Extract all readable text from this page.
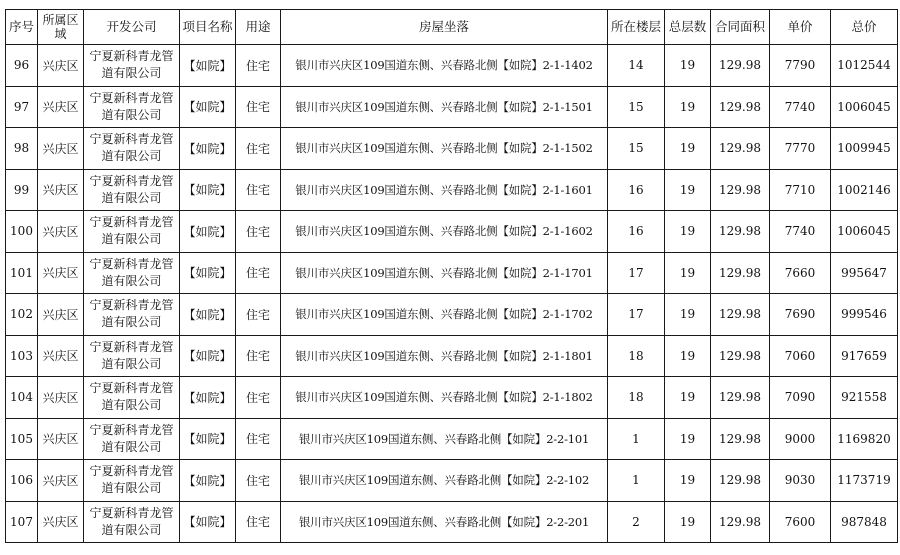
序号	所属区域	开发公司	项目名称	用途	房屋坐落	所在楼层	总层数	合同面积	单价	总价
96	兴庆区	宁夏新科青龙管道有限公司	【如院】	住宅	银川市兴庆区109国道东侧、兴春路北侧【如院】2-1-1402	14	19	129.98	7790	1012544
97	兴庆区	宁夏新科青龙管道有限公司	【如院】	住宅	银川市兴庆区109国道东侧、兴春路北侧【如院】2-1-1501	15	19	129.98	7740	1006045
98	兴庆区	宁夏新科青龙管道有限公司	【如院】	住宅	银川市兴庆区109国道东侧、兴春路北侧【如院】2-1-1502	15	19	129.98	7770	1009945
99	兴庆区	宁夏新科青龙管道有限公司	【如院】	住宅	银川市兴庆区109国道东侧、兴春路北侧【如院】2-1-1601	16	19	129.98	7710	1002146
100	兴庆区	宁夏新科青龙管道有限公司	【如院】	住宅	银川市兴庆区109国道东侧、兴春路北侧【如院】2-1-1602	16	19	129.98	7740	1006045
101	兴庆区	宁夏新科青龙管道有限公司	【如院】	住宅	银川市兴庆区109国道东侧、兴春路北侧【如院】2-1-1701	17	19	129.98	7660	995647
102	兴庆区	宁夏新科青龙管道有限公司	【如院】	住宅	银川市兴庆区109国道东侧、兴春路北侧【如院】2-1-1702	17	19	129.98	7690	999546
103	兴庆区	宁夏新科青龙管道有限公司	【如院】	住宅	银川市兴庆区109国道东侧、兴春路北侧【如院】2-1-1801	18	19	129.98	7060	917659
104	兴庆区	宁夏新科青龙管道有限公司	【如院】	住宅	银川市兴庆区109国道东侧、兴春路北侧【如院】2-1-1802	18	19	129.98	7090	921558
105	兴庆区	宁夏新科青龙管道有限公司	【如院】	住宅	银川市兴庆区109国道东侧、兴春路北侧【如院】2-2-101	1	19	129.98	9000	1169820
106	兴庆区	宁夏新科青龙管道有限公司	【如院】	住宅	银川市兴庆区109国道东侧、兴春路北侧【如院】2-2-102	1	19	129.98	9030	1173719
107	兴庆区	宁夏新科青龙管道有限公司	【如院】	住宅	银川市兴庆区109国道东侧、兴春路北侧【如院】2-2-201	2	19	129.98	7600	987848
